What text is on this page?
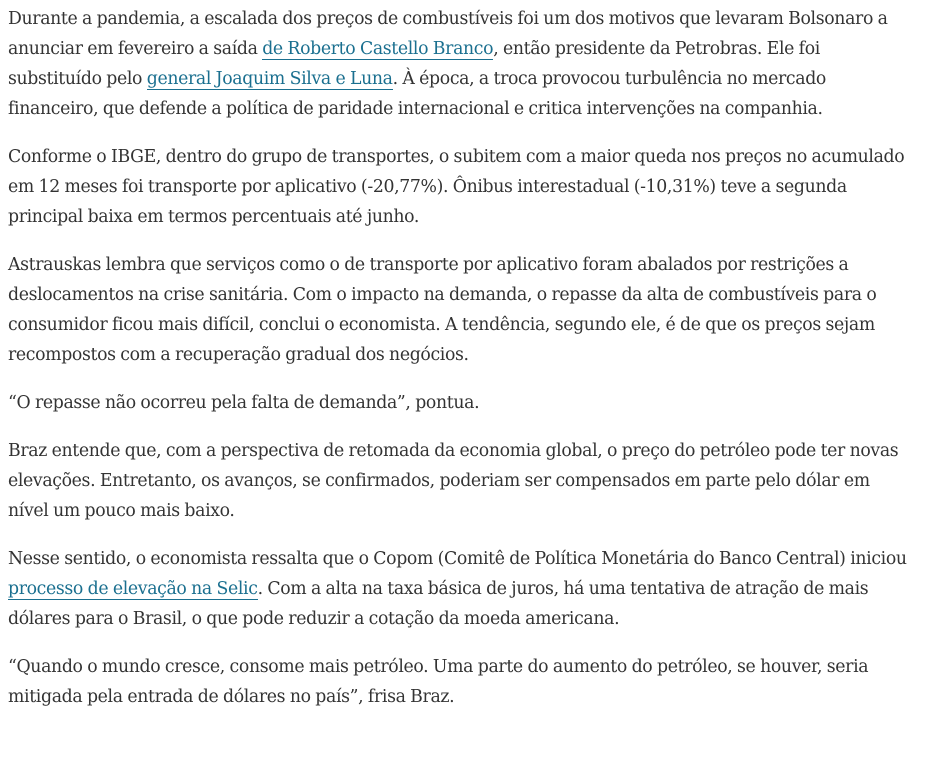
Durante a pandemia, a escalada dos preços de combustíveis foi um dos motivos que levaram Bolsonaro a anunciar em fevereiro a saída de Roberto Castello Branco, então presidente da Petrobras. Ele foi substituído pelo general Joaquim Silva e Luna. À época, a troca provocou turbulência no mercado financeiro, que defende a política de paridade internacional e critica intervenções na companhia.

Conforme o IBGE, dentro do grupo de transportes, o subitem com a maior queda nos preços no acumulado em 12 meses foi transporte por aplicativo (-20,77%). Ônibus interestadual (-10,31%) teve a segunda principal baixa em termos percentuais até junho.

Astrauskas lembra que serviços como o de transporte por aplicativo foram abalados por restrições a deslocamentos na crise sanitária. Com o impacto na demanda, o repasse da alta de combustíveis para o consumidor ficou mais difícil, conclui o economista. A tendência, segundo ele, é de que os preços sejam recompostos com a recuperação gradual dos negócios.

“O repasse não ocorreu pela falta de demanda”, pontua.

Braz entende que, com a perspectiva de retomada da economia global, o preço do petróleo pode ter novas elevações. Entretanto, os avanços, se confirmados, poderiam ser compensados em parte pelo dólar em nível um pouco mais baixo.

Nesse sentido, o economista ressalta que o Copom (Comitê de Política Monetária do Banco Central) iniciou processo de elevação na Selic. Com a alta na taxa básica de juros, há uma tentativa de atração de mais dólares para o Brasil, o que pode reduzir a cotação da moeda americana.

“Quando o mundo cresce, consome mais petróleo. Uma parte do aumento do petróleo, se houver, seria mitigada pela entrada de dólares no país”, frisa Braz.
